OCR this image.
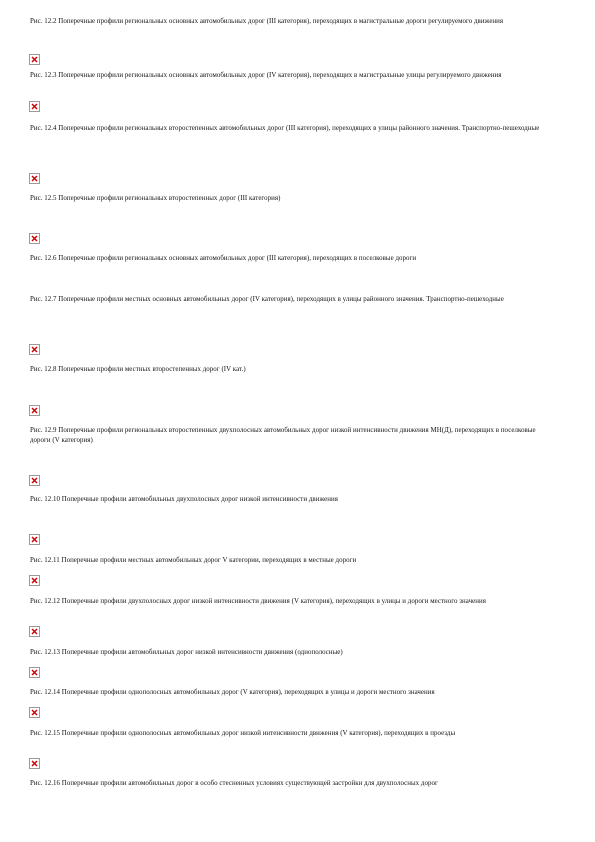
Рис. 12.2 Поперечные профили региональных основных автомобильных дорог (III категория), переходящих в магистральные дороги регулируемого движения

Рис. 12.3 Поперечные профили региональных основных автомобильных дорог (IV категория), переходящих в магистральные улицы регулируемого движения

Рис. 12.4 Поперечные профили региональных второстепенных автомобильных дорог (III категория), переходящих в улицы районного значения. Транспортно-пешеходные

Рис. 12.5 Поперечные профили региональных второстепенных дорог (III категория)

Рис. 12.6 Поперечные профили региональных основных автомобильных дорог (III категория), переходящих в поселковые дороги

Рис. 12.7 Поперечные профили местных основных автомобильных дорог (IV категория), переходящих в улицы районного значения. Транспортно-пешеходные

Рис. 12.8 Поперечные профили местных второстепенных дорог (IV кат.)

Рис. 12.9 Поперечные профили региональных второстепенных двухполосных автомобильных дорог низкой интенсивности движения МН(Д), переходящих в поселковые дороги (V категория)

Рис. 12.10 Поперечные профили автомобильных двухполосных дорог низкой интенсивности движения

Рис. 12.11 Поперечные профили местных автомобильных дорог V категории, переходящих в местные дороги

Рис. 12.12 Поперечные профили двухполосных дорог низкой интенсивности движения (V категория), переходящих в улицы и дороги местного значения

Рис. 12.13 Поперечные профили автомобильных дорог низкой интенсивности движения (однополосные)

Рис. 12.14 Поперечные профили однополосных автомобильных дорог (V категория), переходящих в улицы и дороги местного значения

Рис. 12.15 Поперечные профили однополосных автомобильных дорог низкой интенсивности движения (V категория), переходящих в проезды

Рис. 12.16 Поперечные профили автомобильных дорог в особо стесненных условиях существующей застройки для двухполосных дорог
